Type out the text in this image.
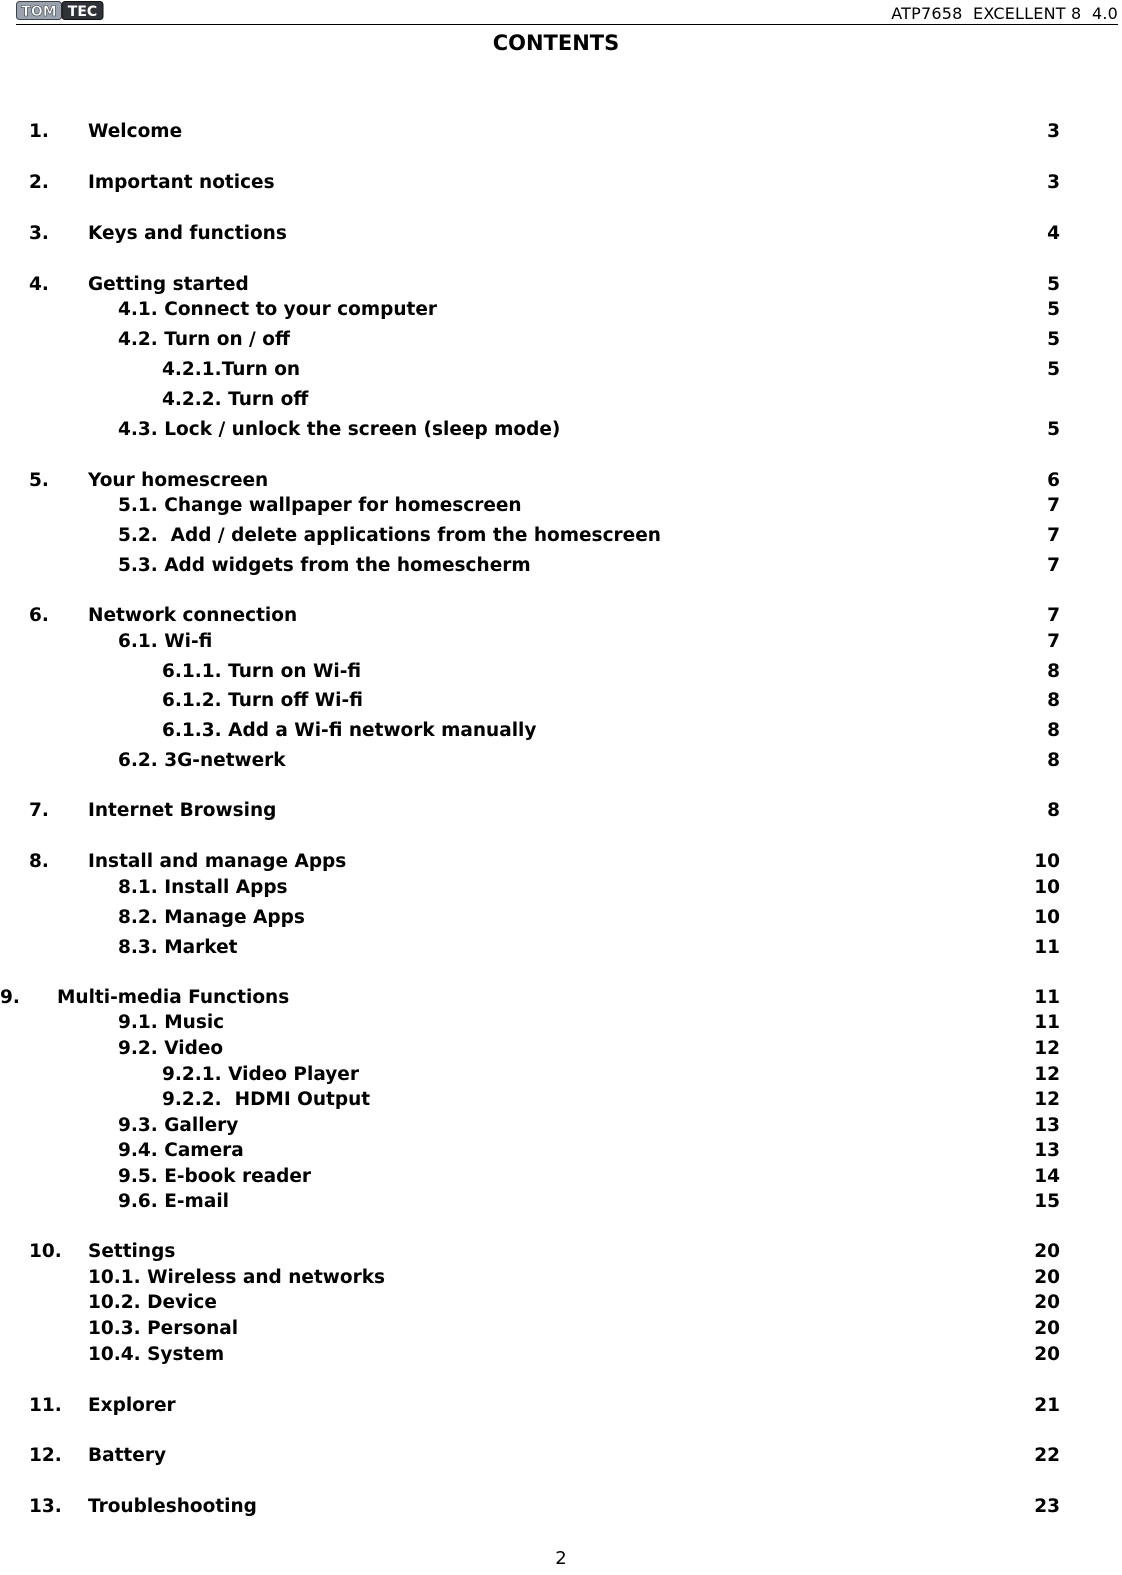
TOM TEC	ATP7658  EXCELLENT 8  4.0
CONTENTS
1. Welcome	3
2. Important notices	3
3. Keys and functions	4
4. Getting started	5
4.1. Connect to your computer	5
4.2. Turn on / off	5
4.2.1.Turn on	5
4.2.2. Turn off
4.3. Lock / unlock the screen (sleep mode)	5
5. Your homescreen	6
5.1. Change wallpaper for homescreen	7
5.2.  Add / delete applications from the homescreen	7
5.3. Add widgets from the homescherm	7
6. Network connection	7
6.1. Wi-fi	7
6.1.1. Turn on Wi-fi	8
6.1.2. Turn off Wi-fi	8
6.1.3. Add a Wi-fi network manually	8
6.2. 3G-netwerk	8
7. Internet Browsing	8
8. Install and manage Apps	10
8.1. Install Apps	10
8.2. Manage Apps	10
8.3. Market	11
9. Multi-media Functions	11
9.1. Music	11
9.2. Video	12
9.2.1. Video Player	12
9.2.2.  HDMI Output	12
9.3. Gallery	13
9.4. Camera	13
9.5. E-book reader	14
9.6. E-mail	15
10. Settings	20
10.1. Wireless and networks	20
10.2. Device	20
10.3. Personal	20
10.4. System	20
11. Explorer	21
12. Battery	22
13. Troubleshooting	23
2
